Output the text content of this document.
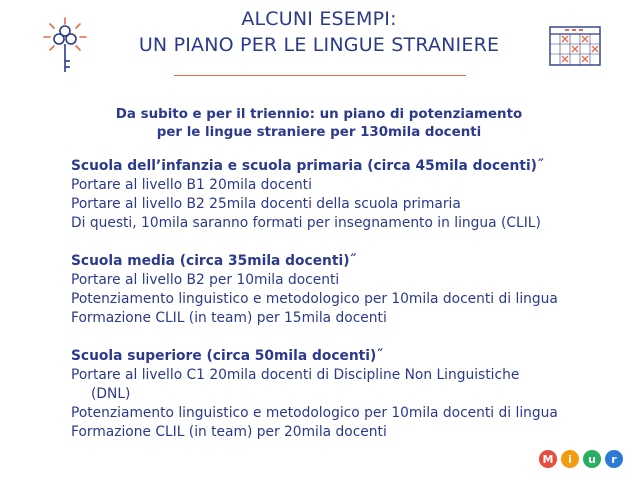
ALCUNI ESEMPI:
UN PIANO PER LE LINGUE STRANIERE
Da subito e per il triennio: un piano di potenziamento
per le lingue straniere per 130mila docenti
Scuola dell’infanzia e scuola primaria (circa 45mila docenti)˝
Portare al livello B1 20mila docenti
Portare al livello B2 25mila docenti della scuola primaria
Di questi, 10mila saranno formati per insegnamento in lingua (CLIL)
Scuola media (circa 35mila docenti)˝
Portare al livello B2 per 10mila docenti
Potenziamento linguistico e metodologico per 10mila docenti di lingua
Formazione CLIL (in team) per 15mila docenti
Scuola superiore (circa 50mila docenti)˝
Portare al livello C1 20mila docenti di Discipline Non Linguistiche
(DNL)
Potenziamento linguistico e metodologico per 10mila docenti di lingua
Formazione CLIL (in team) per 20mila docenti
M i u r
